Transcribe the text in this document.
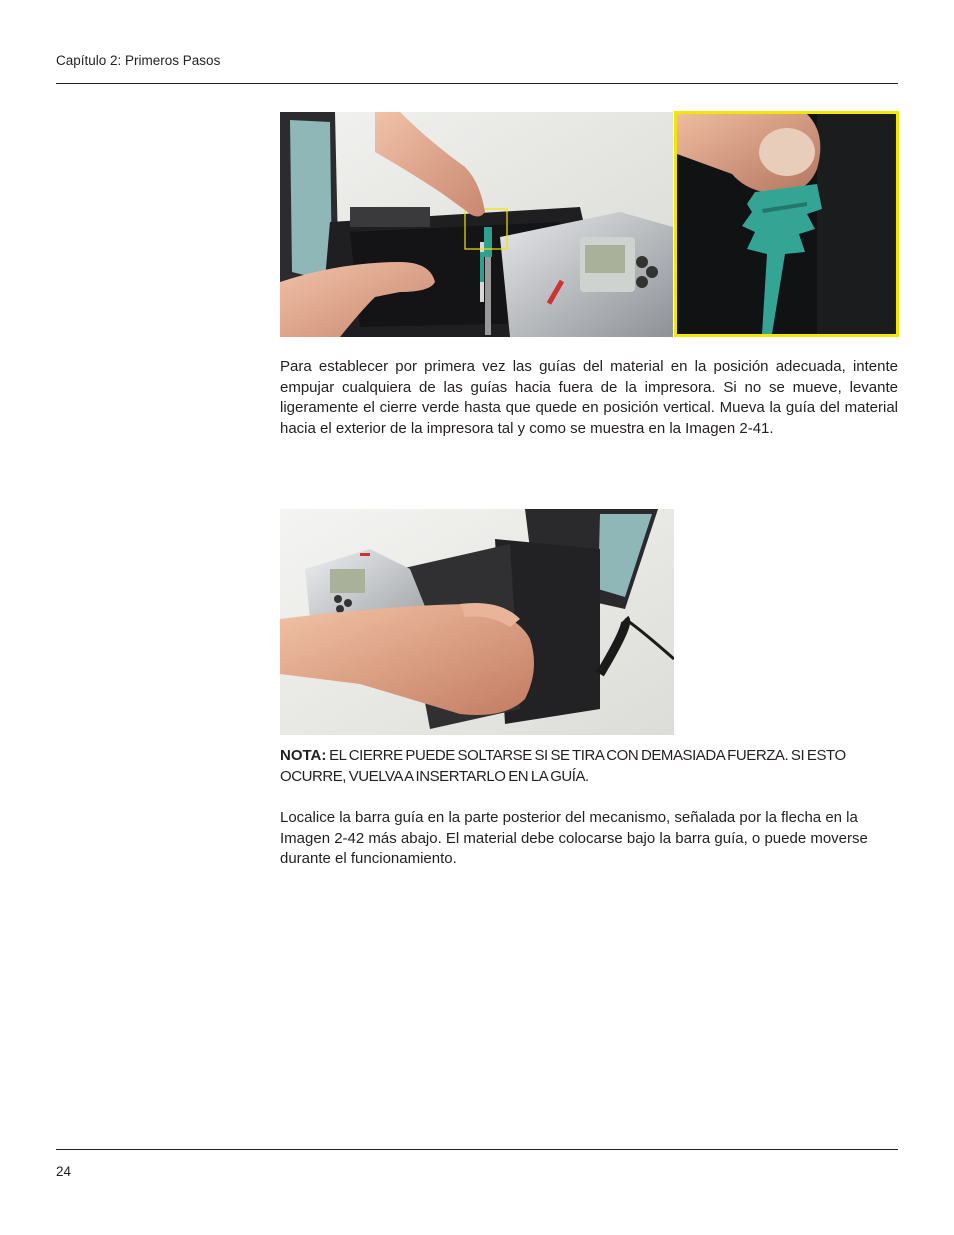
Capítulo 2: Primeros Pasos

Para establecer por primera vez las guías del material en la posición adecuada, intente empujar cualquiera de las guías hacia fuera de la impresora. Si no se mueve, levante ligeramente el cierre verde hasta que quede en posición vertical. Mueva la guía del material hacia el exterior de la impresora tal y como se muestra en la Imagen 2-41.

NOTA: EL CIERRE PUEDE SOLTARSE SI SE TIRA CON DEMASIADA FUERZA. SI ESTO OCURRE, VUELVA A INSERTARLO EN LA GUÍA.

Localice la barra guía en la parte posterior del mecanismo, señalada por la flecha en la Imagen 2-42 más abajo. El material debe colocarse bajo la barra guía, o puede moverse durante el funcionamiento.

24
